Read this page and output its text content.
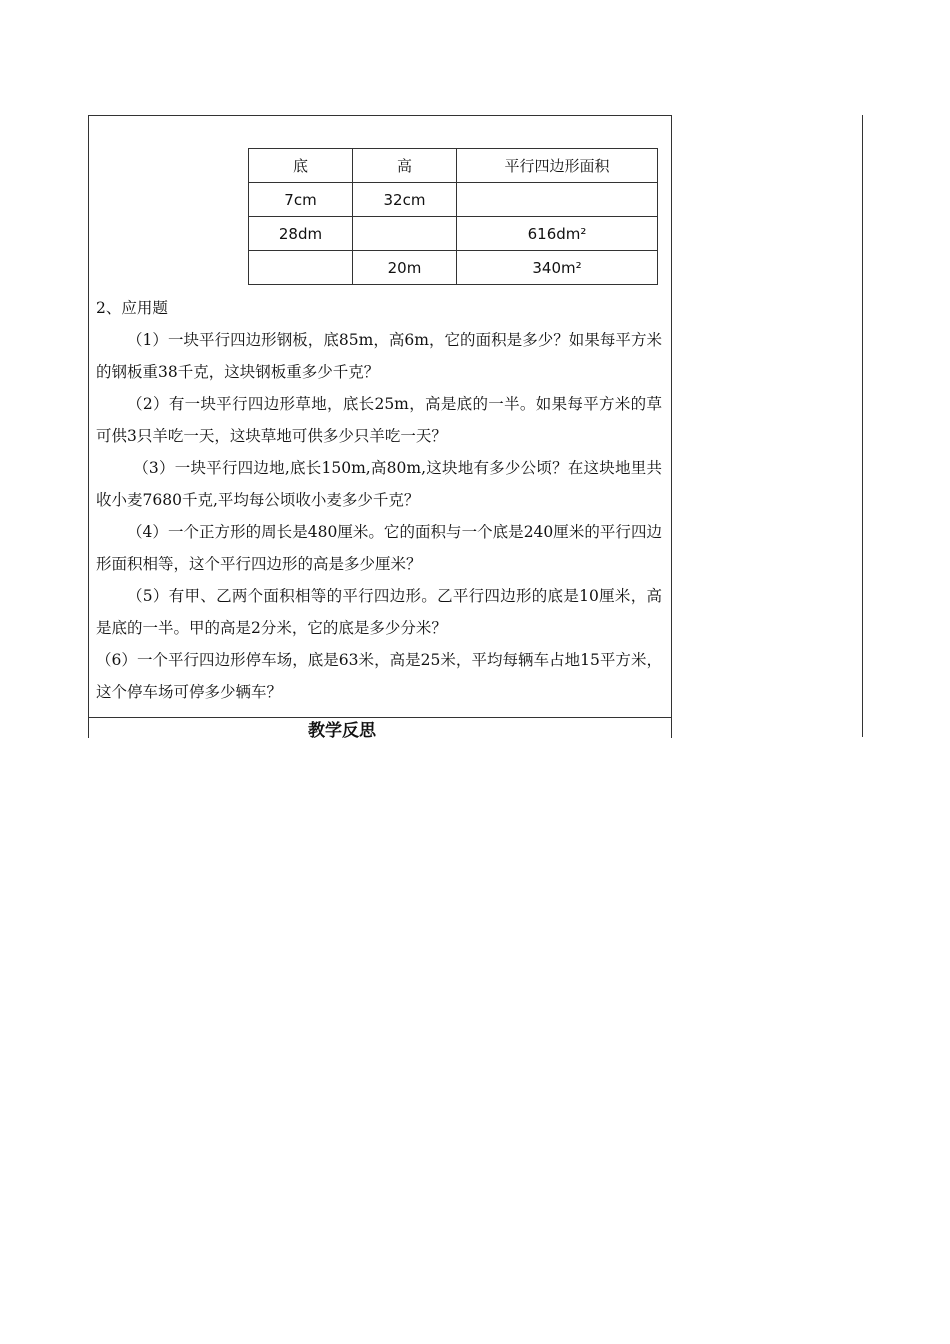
底	高	平行四边形面积
7cm	32cm	
28dm		616dm²
	20m	340m²

2、应用题

（1）一块平行四边形钢板，底85m，高6m，它的面积是多少？如果每平方米的钢板重38千克，这块钢板重多少千克？

（2）有一块平行四边形草地，底长25m，高是底的一半。如果每平方米的草可供3只羊吃一天，这块草地可供多少只羊吃一天？

（3）一块平行四边地,底长150m,高80m,这块地有多少公顷？在这块地里共收小麦7680千克,平均每公顷收小麦多少千克？

（4）一个正方形的周长是480厘米。它的面积与一个底是240厘米的平行四边形面积相等，这个平行四边形的高是多少厘米？

（5）有甲、乙两个面积相等的平行四边形。乙平行四边形的底是10厘米，高是底的一半。甲的高是2分米，它的底是多少分米？

（6）一个平行四边形停车场，底是63米，高是25米，平均每辆车占地15平方米，这个停车场可停多少辆车？

教学反思
